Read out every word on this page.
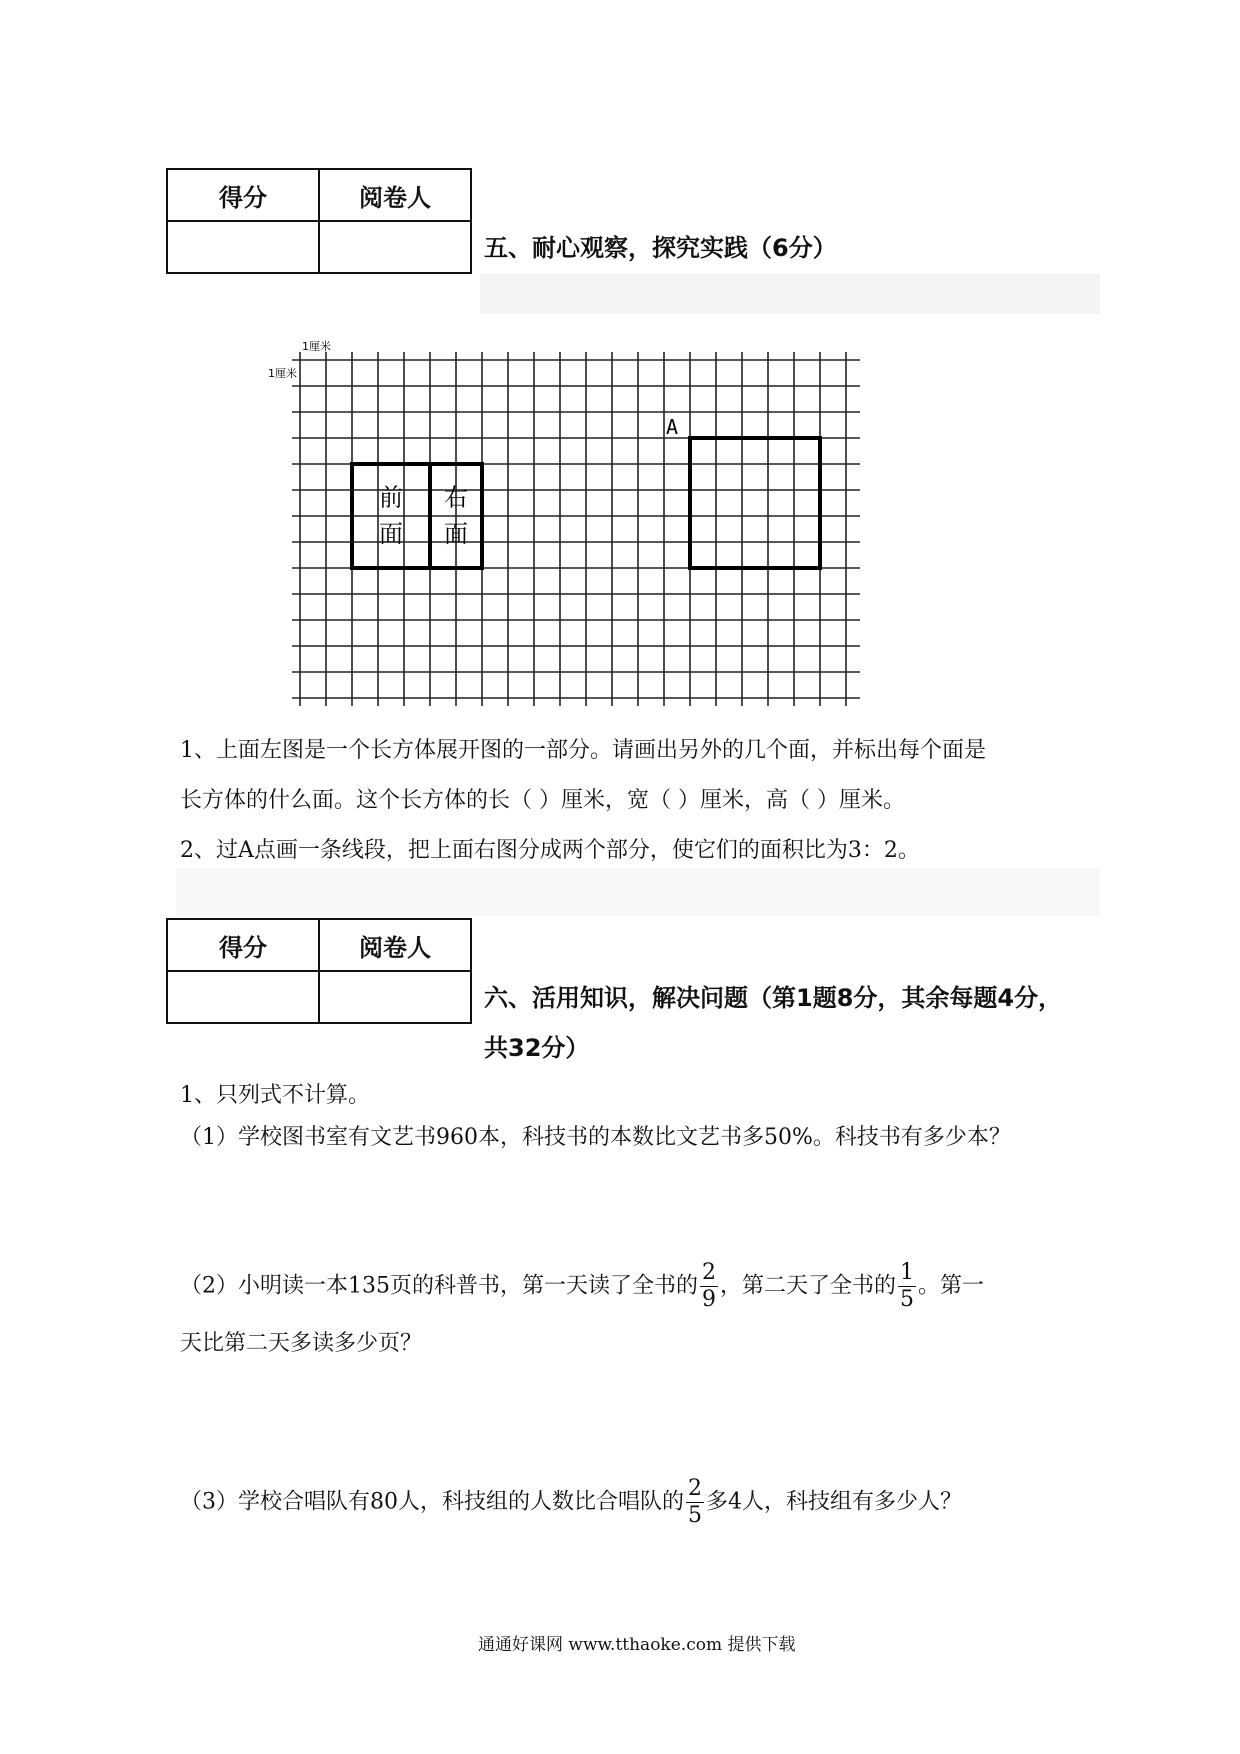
得分	阅卷人

五、耐心观察，探究实践（6分）
1厘米
1厘米
A
前
面
右
面
1、上面左图是一个长方体展开图的一部分。请画出另外的几个面，并标出每个面是
长方体的什么面。这个长方体的长（ ）厘米，宽（ ）厘米，高（ ）厘米。
2、过A点画一条线段，把上面右图分成两个部分，使它们的面积比为3：2。
得分	阅卷人

六、活用知识，解决问题（第1题8分，其余每题4分，
共32分）
1、只列式不计算。
（1）学校图书室有文艺书960本，科技书的本数比文艺书多50%。科技书有多少本？
（2）小明读一本135页的科普书，第一天读了全书的 $\frac{2}{9}$ ，第二天了全书的 $\frac{1}{5}$ 。第一
天比第二天多读多少页？
（3）学校合唱队有80人，科技组的人数比合唱队的 $\frac{2}{5}$ 多4人，科技组有多少人？
通通好课网 www.tthaoke.com 提供下载
